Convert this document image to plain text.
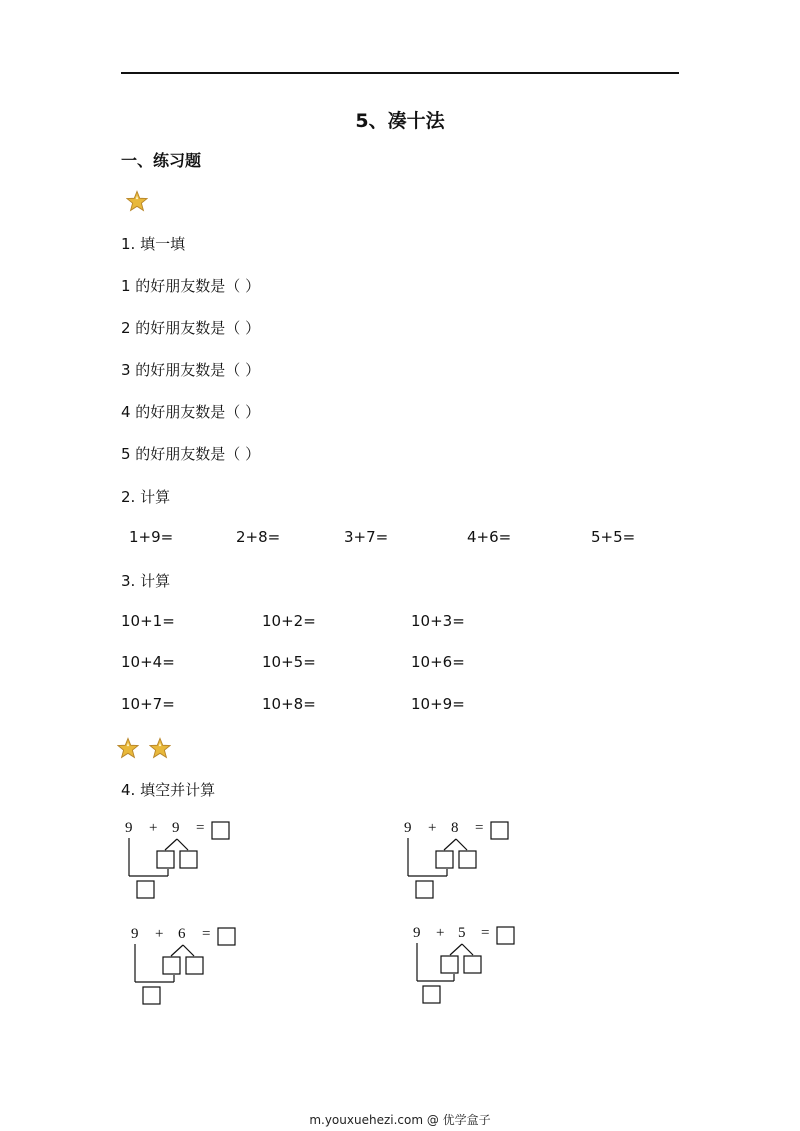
5、凑十法
一、练习题
1. 填一填
1 的好朋友数是（ ）
2 的好朋友数是（ ）
3 的好朋友数是（ ）
4 的好朋友数是（ ）
5 的好朋友数是（ ）
2. 计算
1+9=	2+8=	3+7=	4+6=	5+5=
3. 计算
10+1=	10+2=	10+3=
10+4=	10+5=	10+6=
10+7=	10+8=	10+9=
4. 填空并计算
9 + 9 =	9 + 8 =
9 + 6 =	9 + 5 =
m.youxuehezi.com @ 优学盒子
